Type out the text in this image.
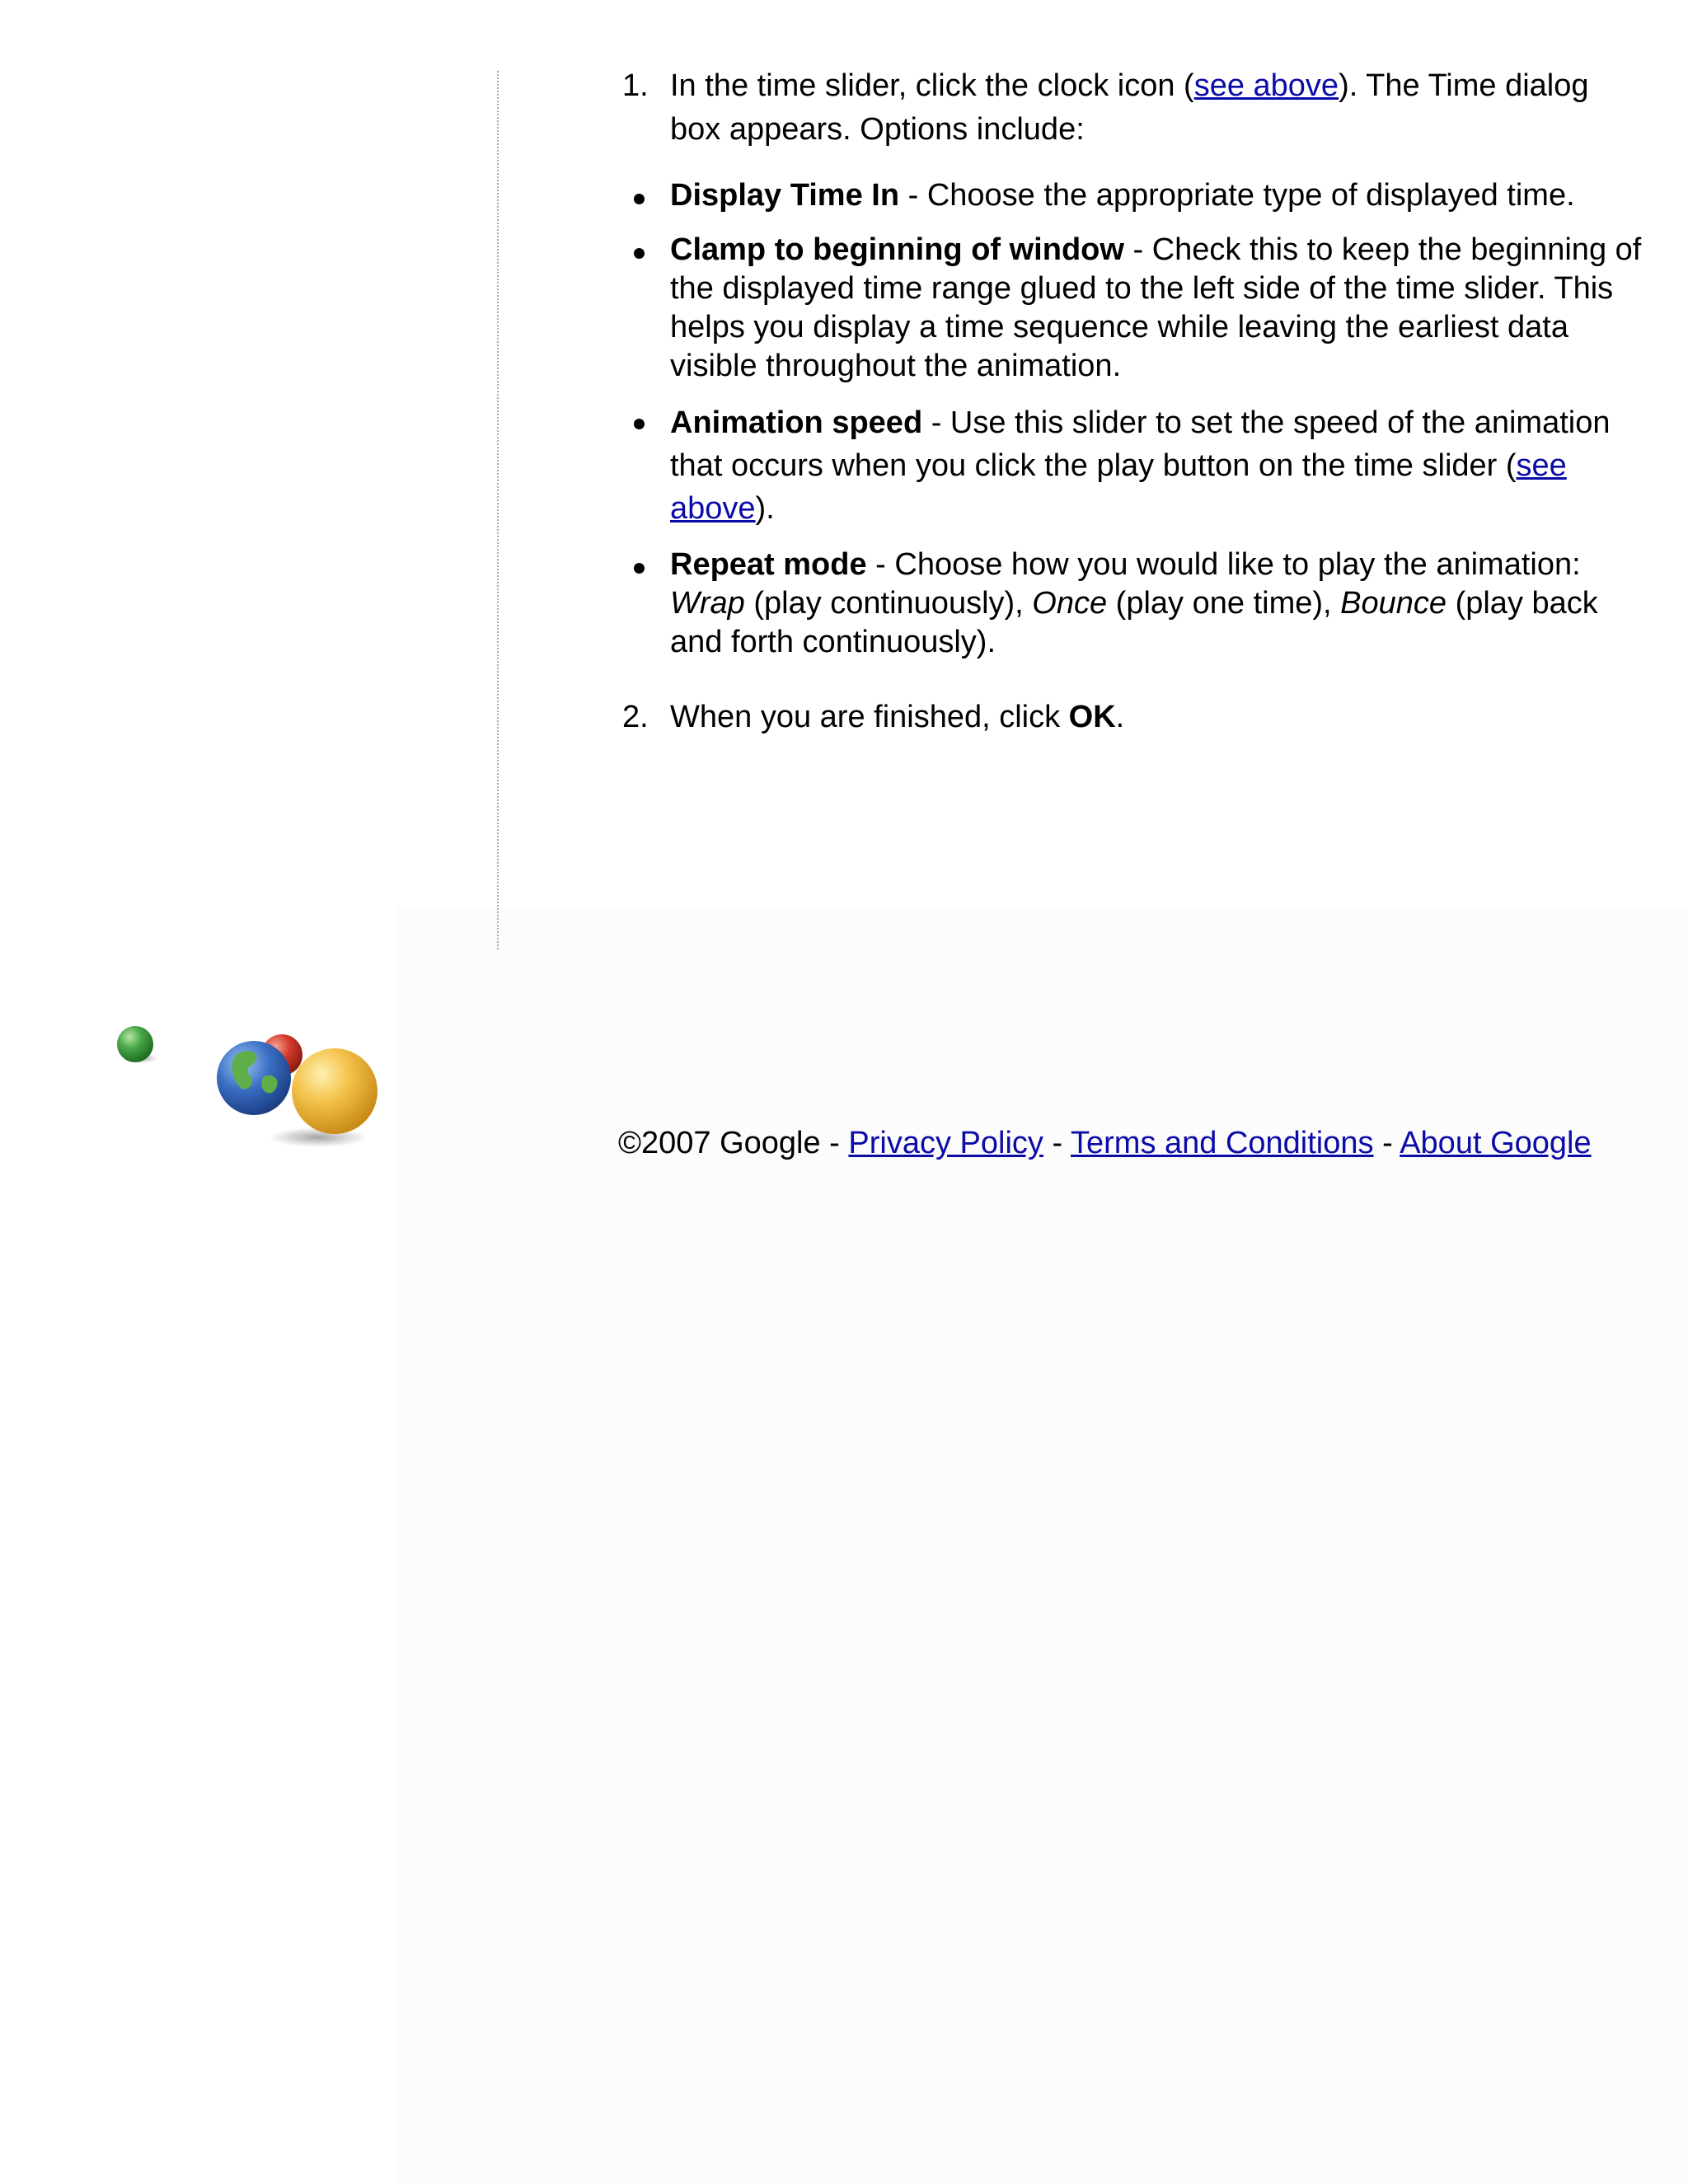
1. In the time slider, click the clock icon (see above). The Time dialog box appears. Options include:
Display Time In - Choose the appropriate type of displayed time.
Clamp to beginning of window - Check this to keep the beginning of the displayed time range glued to the left side of the time slider. This helps you display a time sequence while leaving the earliest data visible throughout the animation.
Animation speed - Use this slider to set the speed of the animation that occurs when you click the play button on the time slider (see above).
Repeat mode - Choose how you would like to play the animation: Wrap (play continuously), Once (play one time), Bounce (play back and forth continuously).
2. When you are finished, click OK.
©2007 Google - Privacy Policy - Terms and Conditions - About Google
